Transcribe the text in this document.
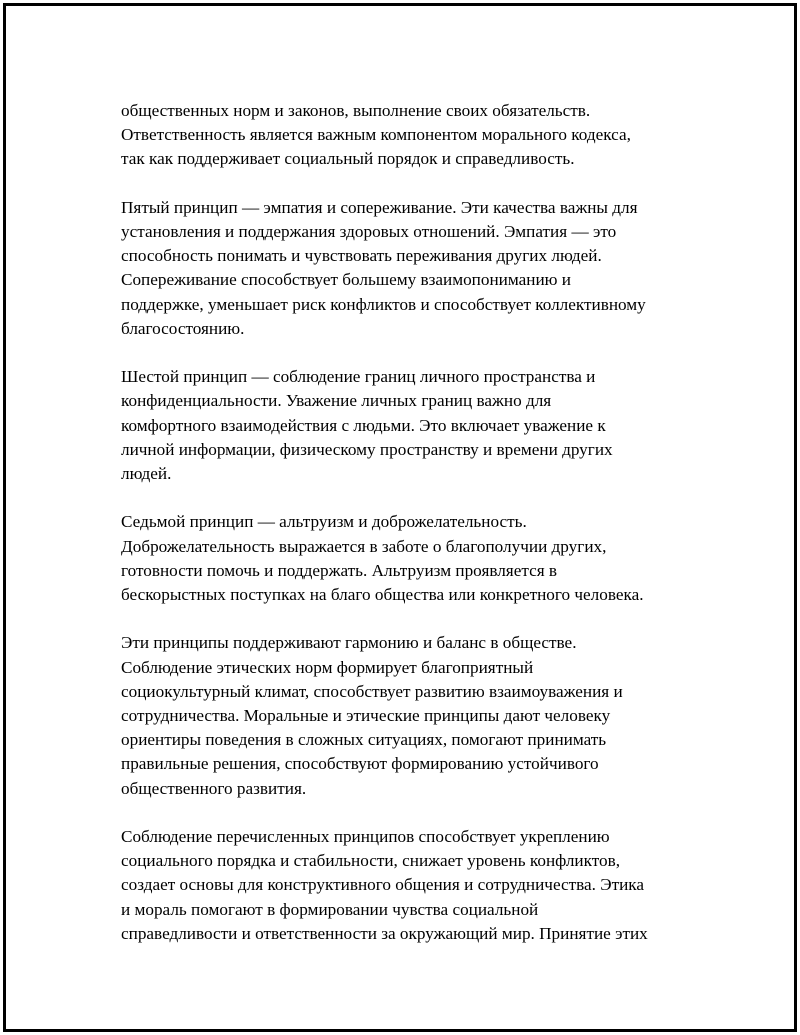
общественных норм и законов, выполнение своих обязательств.
Ответственность является важным компонентом морального кодекса,
так как поддерживает социальный порядок и справедливость.

Пятый принцип — эмпатия и сопереживание. Эти качества важны для
установления и поддержания здоровых отношений. Эмпатия — это
способность понимать и чувствовать переживания других людей.
Сопереживание способствует большему взаимопониманию и
поддержке, уменьшает риск конфликтов и способствует коллективному
благосостоянию.

Шестой принцип — соблюдение границ личного пространства и
конфиденциальности. Уважение личных границ важно для
комфортного взаимодействия с людьми. Это включает уважение к
личной информации, физическому пространству и времени других
людей.

Седьмой принцип — альтруизм и доброжелательность.
Доброжелательность выражается в заботе о благополучии других,
готовности помочь и поддержать. Альтруизм проявляется в
бескорыстных поступках на благо общества или конкретного человека.

Эти принципы поддерживают гармонию и баланс в обществе.
Соблюдение этических норм формирует благоприятный
социокультурный климат, способствует развитию взаимоуважения и
сотрудничества. Моральные и этические принципы дают человеку
ориентиры поведения в сложных ситуациях, помогают принимать
правильные решения, способствуют формированию устойчивого
общественного развития.

Соблюдение перечисленных принципов способствует укреплению
социального порядка и стабильности, снижает уровень конфликтов,
создает основы для конструктивного общения и сотрудничества. Этика
и мораль помогают в формировании чувства социальной
справедливости и ответственности за окружающий мир. Принятие этих
